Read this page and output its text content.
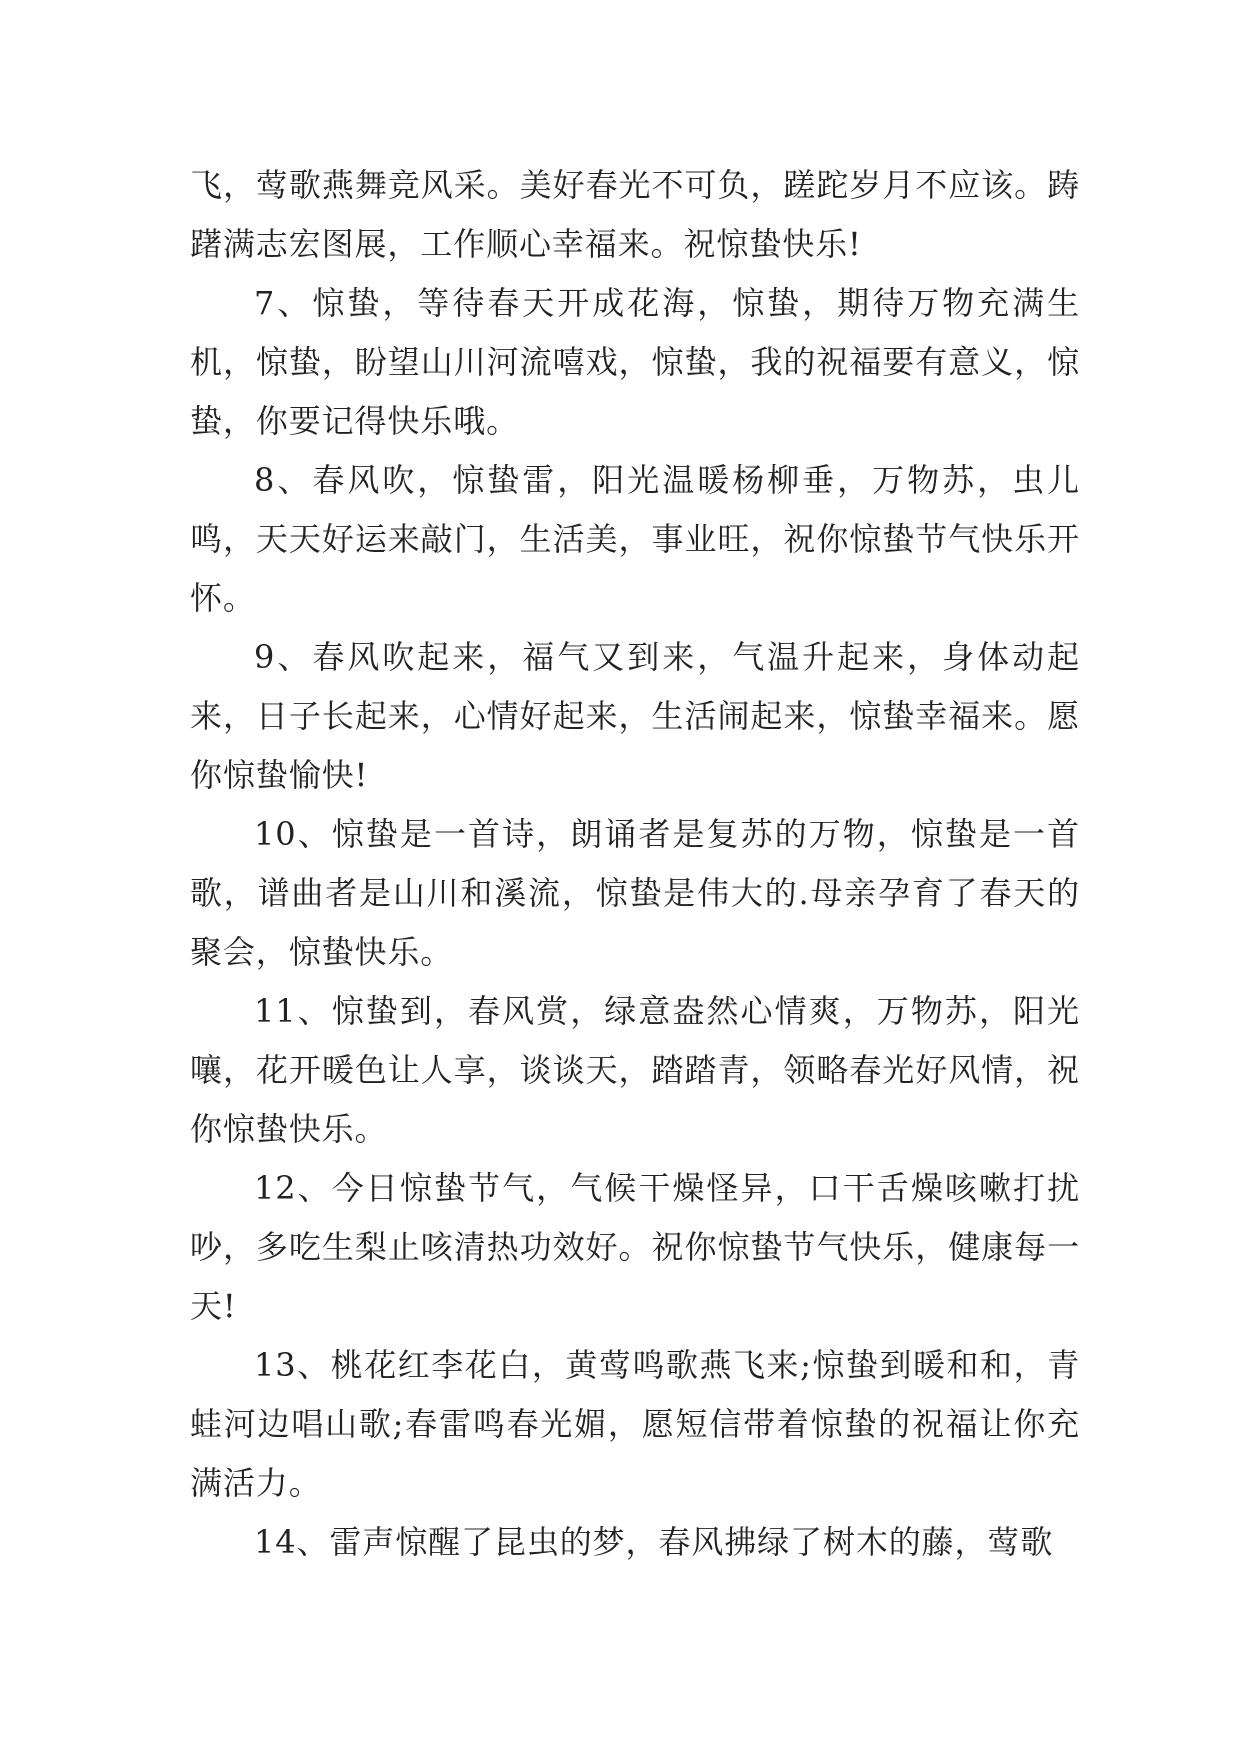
飞，莺歌燕舞竞风采。美好春光不可负，蹉跎岁月不应该。踌躇满志宏图展，工作顺心幸福来。祝惊蛰快乐!

7、惊蛰，等待春天开成花海，惊蛰，期待万物充满生机，惊蛰，盼望山川河流嘻戏，惊蛰，我的祝福要有意义，惊蛰，你要记得快乐哦。

8、春风吹，惊蛰雷，阳光温暖杨柳垂，万物苏，虫儿鸣，天天好运来敲门，生活美，事业旺，祝你惊蛰节气快乐开怀。

9、春风吹起来，福气又到来，气温升起来，身体动起来，日子长起来，心情好起来，生活闹起来，惊蛰幸福来。愿你惊蛰愉快!

10、惊蛰是一首诗，朗诵者是复苏的万物，惊蛰是一首歌，谱曲者是山川和溪流，惊蛰是伟大的.母亲孕育了春天的聚会，惊蛰快乐。

11、惊蛰到，春风赏，绿意盎然心情爽，万物苏，阳光嚷，花开暖色让人享，谈谈天，踏踏青，领略春光好风情，祝你惊蛰快乐。

12、今日惊蛰节气，气候干燥怪异，口干舌燥咳嗽打扰吵，多吃生梨止咳清热功效好。祝你惊蛰节气快乐，健康每一天!

13、桃花红李花白，黄莺鸣歌燕飞来;惊蛰到暖和和，青蛙河边唱山歌;春雷鸣春光媚，愿短信带着惊蛰的祝福让你充满活力。

14、雷声惊醒了昆虫的梦，春风拂绿了树木的藤，莺歌
